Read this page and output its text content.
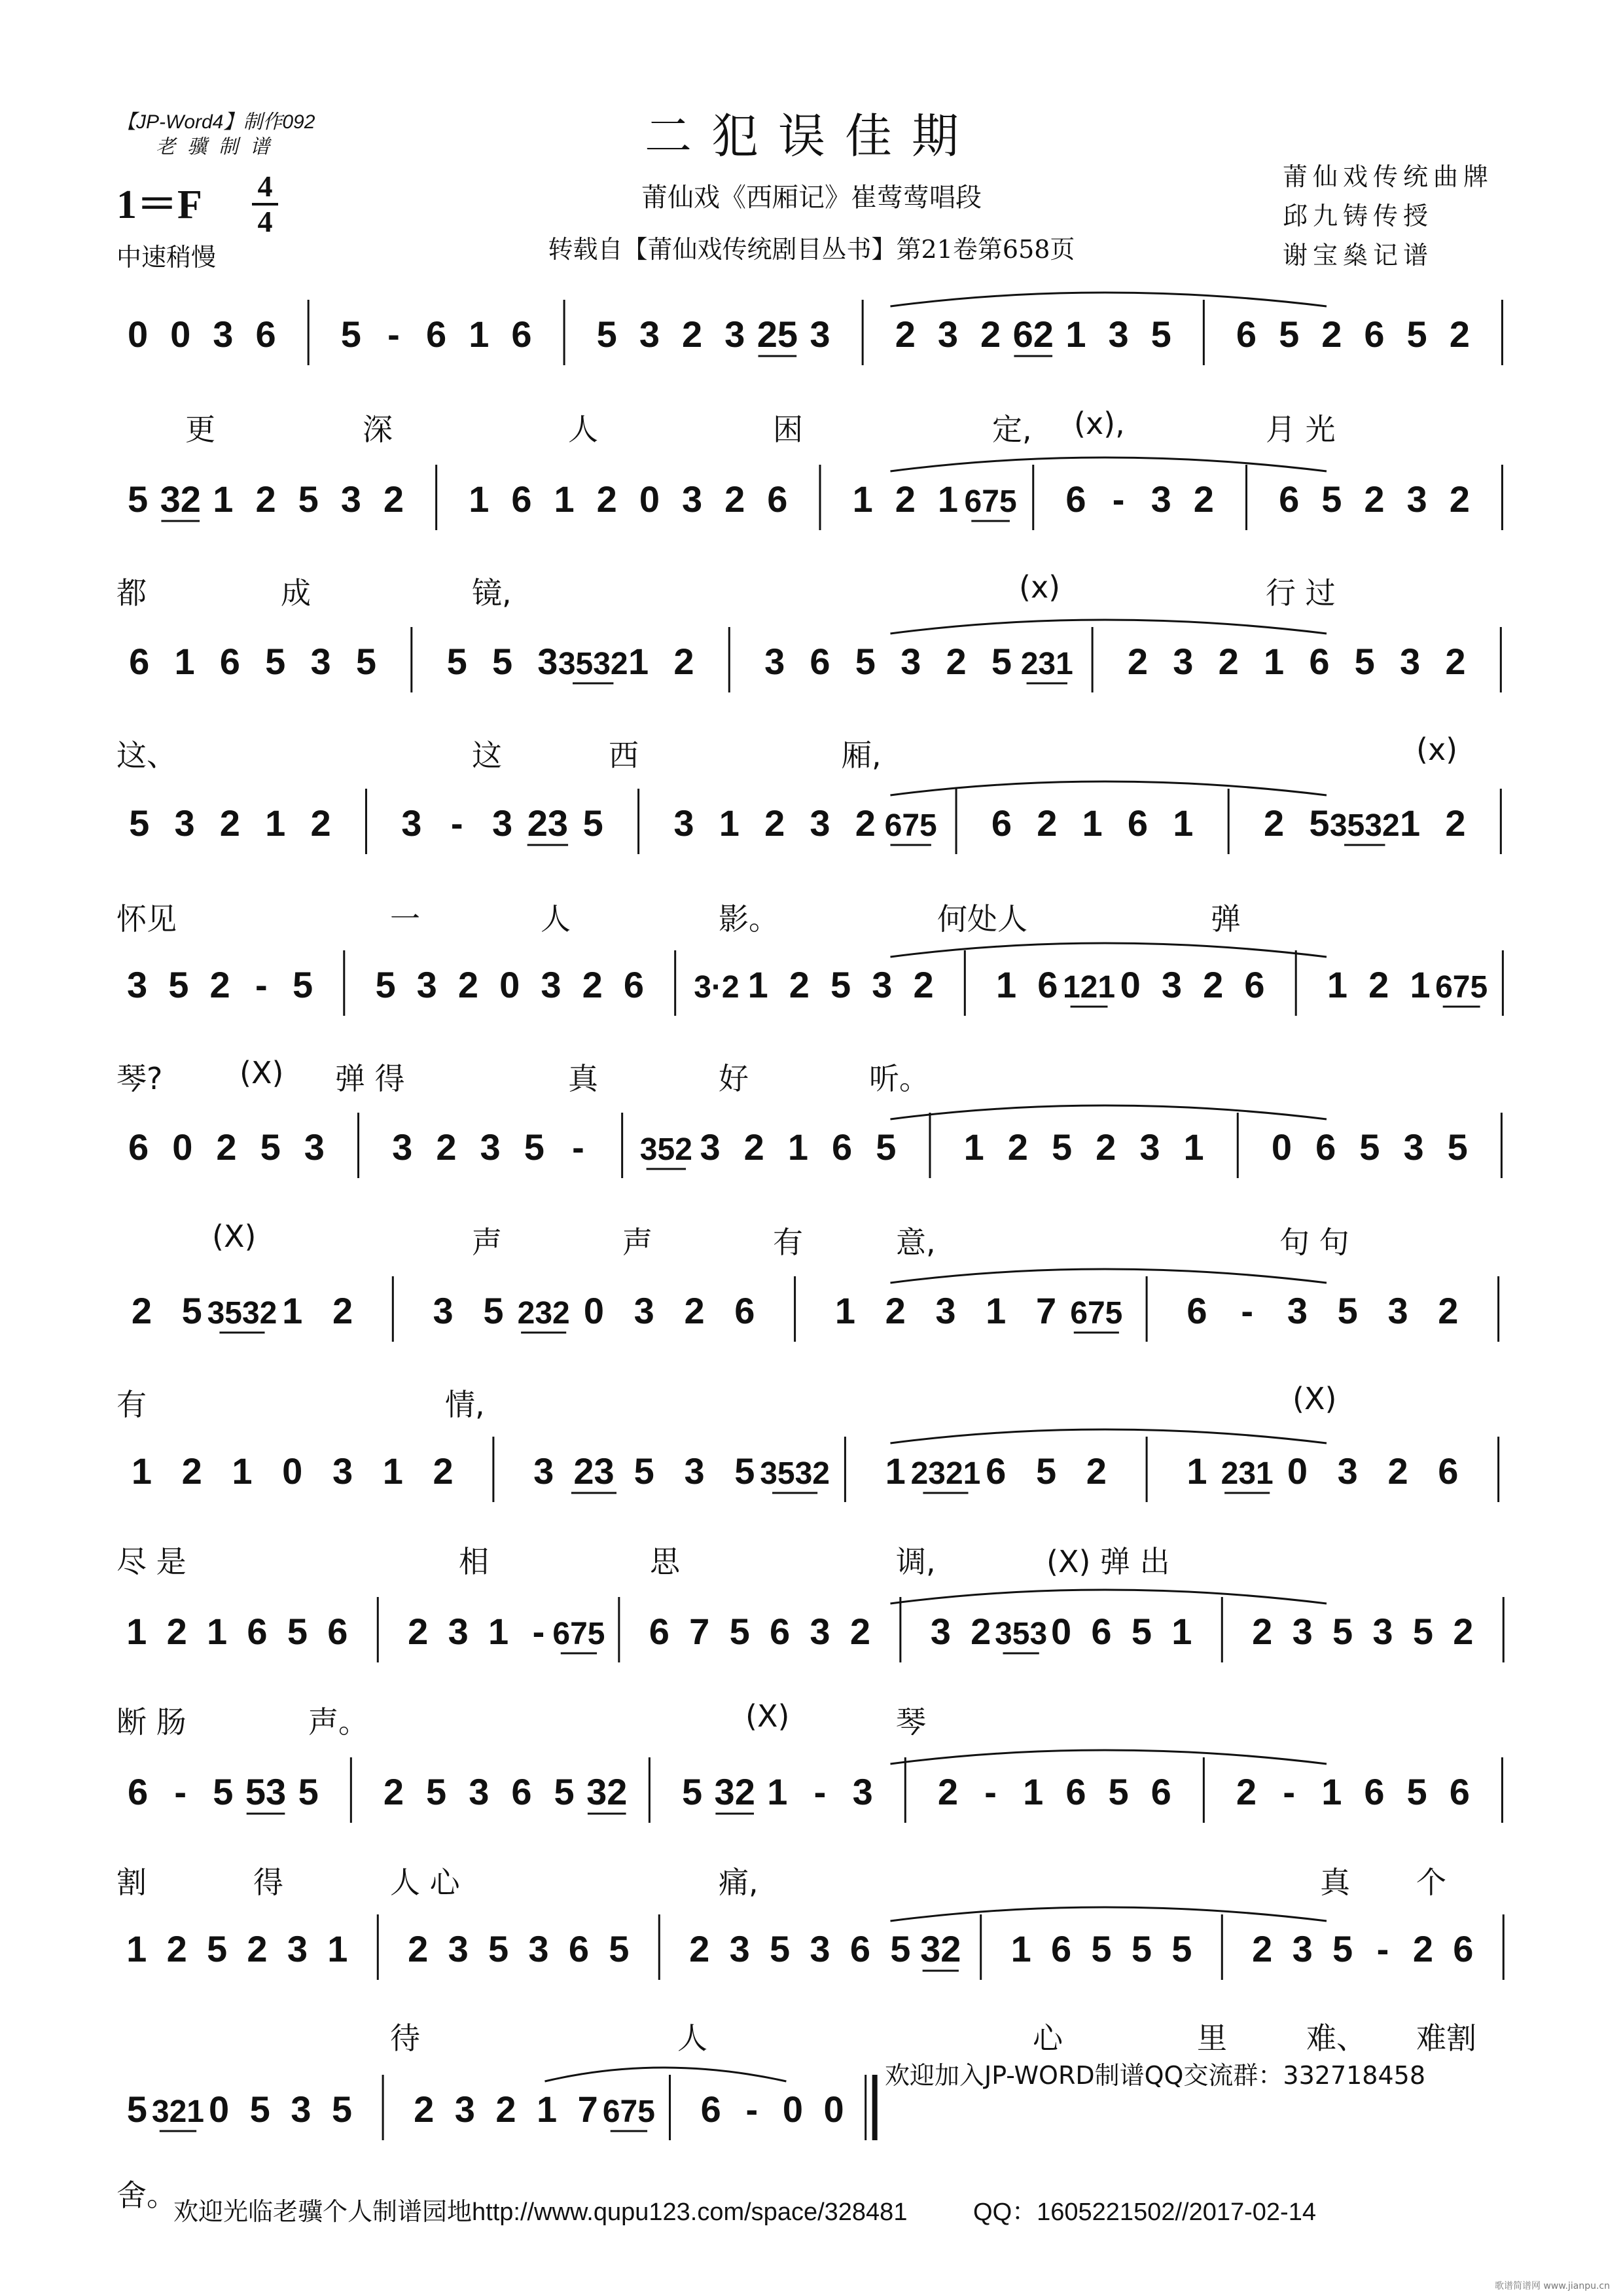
【JP-Word4】制作092
老骥制谱	二犯误佳期
莆仙戏《西厢记》崔莺莺唱段
转载自【莆仙戏传统剧目丛书】第21卷第658页
1＝F 4
4
中速稍慢
莆仙戏传统曲牌
邱九铸传授
谢宝燊记谱
0 0 3 6 5 - 6 1 6 5 3 2 3 25 3 2 3 2 62 1 3 5 6 5 2 6 5 2
更	深	人	困	定, (x),	月 光
5 32 1 2 5 3 2 1 6 1 2 0 3 2 6 1 2 1 675 6 - 3 2 6 5 2 3 2
都	成	镜,	(x)	行 过
6 1 6 5 3 5 5 5 3 3532 1 2 3 6 5 3 2 5 231 2 3 2 1 6 5 3 2
这、	这	西	厢,	(x)
5 3 2 1 2 3 - 3 23 5 3 1 2 3 2 675 6 2 1 6 1 2 5 3532 1 2
怀见	一	人	影。	何处人	弹
3 5 2 - 5 5 3 2 0 3 2 6 3·2 1 2 5 3 2 1 6 121 0 3 2 6 1 2 1 675
琴?	(X) 弹 得	真	好	听。
6 0 2 5 3 3 2 3 5 - 352 3 2 1 6 5 1 2 5 2 3 1 0 6 5 3 5
(X)	声	声	有	意,	句 句
2 5 3532 1 2 3 5 232 0 3 2 6 1 2 3 1 7 675 6 - 3 5 3 2
有	情,	(X)
1 2 1 0 3 1 2 3 23 5 3 5 3532 1 2321 6 5 2 1 231 0 3 2 6
尽 是	相	思	调,	(X) 弹 出
1 2 1 6 5 6 2 3 1 - 675 6 7 5 6 3 2 3 2 353 0 6 5 1 2 3 5 3 5 2
断 肠	声。	(X)	琴
6 - 5 53 5 2 5 3 6 5 32 5 32 1 - 3 2 - 1 6 5 6 2 - 1 6 5 6
割	得	人 心	痛,	真 个
1 2 5 2 3 1 2 3 5 3 6 5 2 3 5 3 6 5 32 1 6 5 5 5 2 3 5 - 2 6
待	人	心	里	难、 难割
5 321 0 5 3 5 2 3 2 1 7 675 6 - 0 0
舍。
欢迎加入JP-WORD制谱QQ交流群：332718458
欢迎光临老骥个人制谱园地http://www.qupu123.com/space/328481	QQ：1605221502//2017-02-14
歌谱简谱网 www.jianpu.cn
